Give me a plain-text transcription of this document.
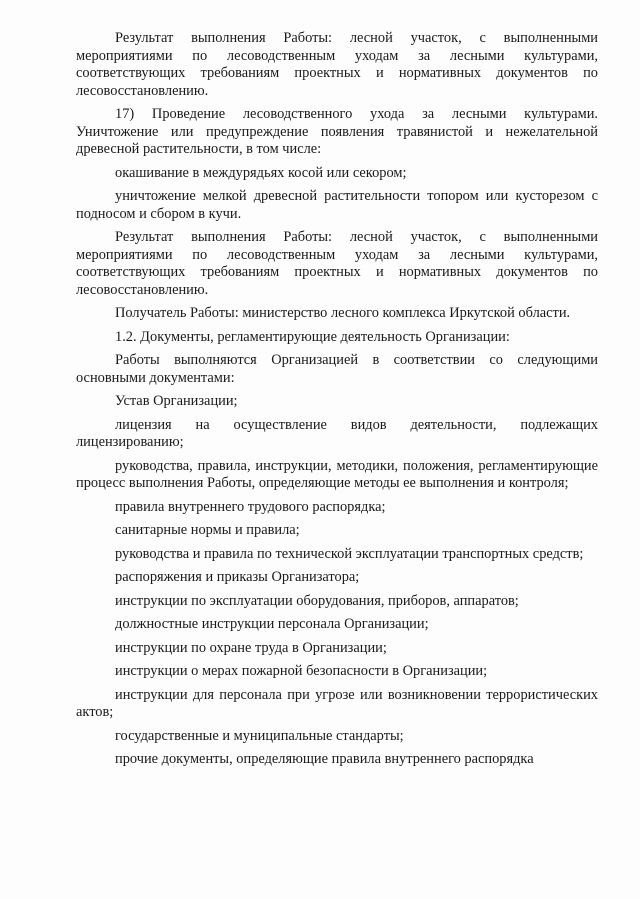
Результат выполнения Работы: лесной участок, с выполненными мероприятиями по лесоводственным уходам за лесными культурами, соответствующих требованиям проектных и нормативных документов по лесовосстановлению.

17) Проведение лесоводственного ухода за лесными культурами. Уничтожение или предупреждение появления травянистой и нежелательной древесной растительности, в том числе:

окашивание в междурядьях косой или секором;

уничтожение мелкой древесной растительности топором или кусторезом с подносом и сбором в кучи.

Результат выполнения Работы: лесной участок, с выполненными мероприятиями по лесоводственным уходам за лесными культурами, соответствующих требованиям проектных и нормативных документов по лесовосстановлению.

Получатель Работы: министерство лесного комплекса Иркутской области.

1.2. Документы, регламентирующие деятельность Организации:

Работы выполняются Организацией в соответствии со следующими основными документами:

Устав Организации;

лицензия на осуществление видов деятельности, подлежащих лицензированию;

руководства, правила, инструкции, методики, положения, регламентирующие процесс выполнения Работы, определяющие методы ее выполнения и контроля;

правила внутреннего трудового распорядка;

санитарные нормы и правила;

руководства и правила по технической эксплуатации транспортных средств;

распоряжения и приказы Организатора;

инструкции по эксплуатации оборудования, приборов, аппаратов;

должностные инструкции персонала Организации;

инструкции по охране труда в Организации;

инструкции о мерах пожарной безопасности в Организации;

инструкции для персонала при угрозе или возникновении террористических актов;

государственные и муниципальные стандарты;

прочие документы, определяющие правила внутреннего распорядка
